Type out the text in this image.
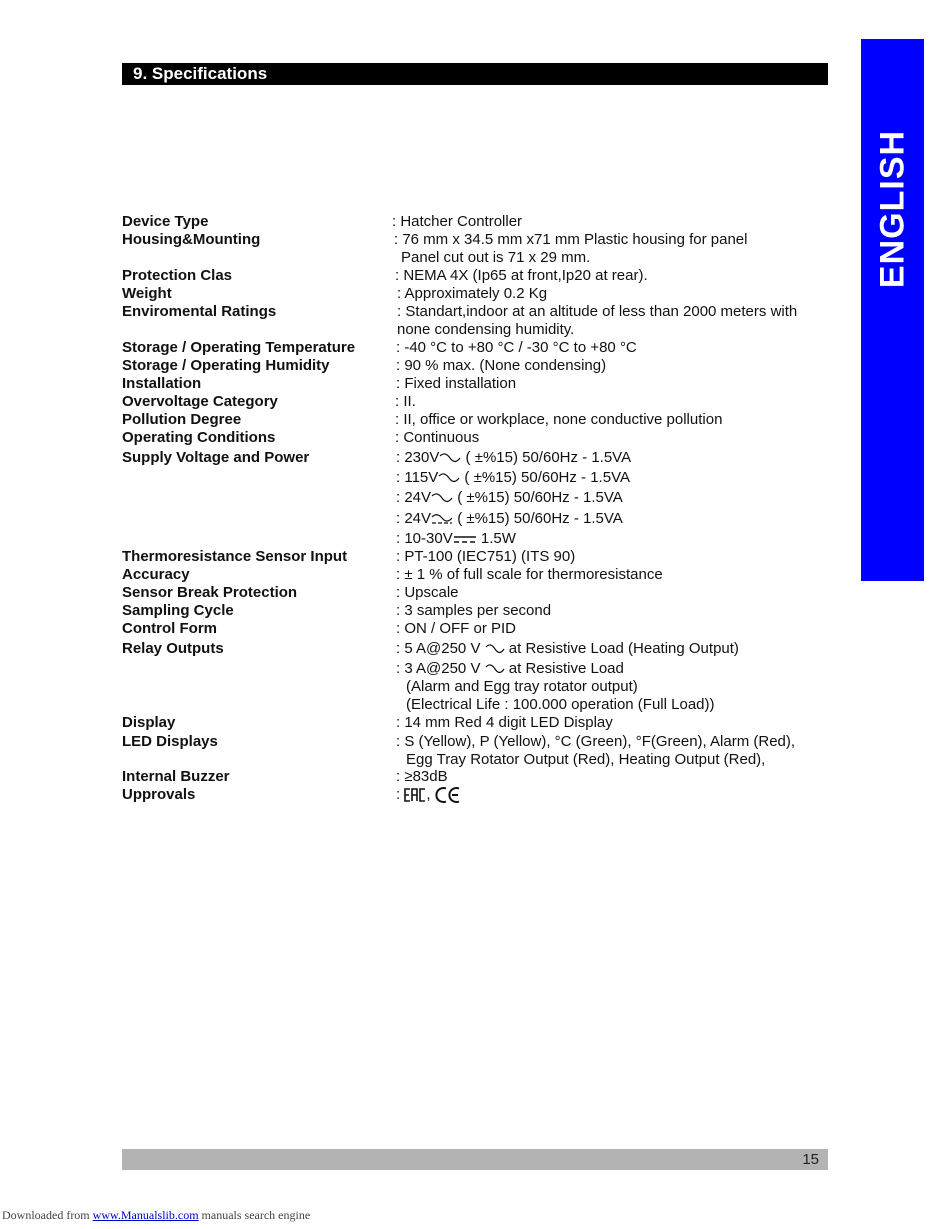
9. Specifications
ENGLISH
Device Type	: Hatcher Controller
Housing&Mounting	: 76 mm x 34.5 mm x71 mm Plastic housing for panel
Panel cut out is 71 x 29 mm.
Protection Clas	: NEMA 4X (Ip65 at front,Ip20 at rear).
Weight	: Approximately 0.2 Kg
Enviromental Ratings	: Standart,indoor at an altitude of less than 2000 meters with
none condensing humidity.
Storage / Operating Temperature	: -40 °C to +80 °C / -30 °C to +80 °C
Storage / Operating Humidity	: 90 % max. (None condensing)
Installation	: Fixed installation
Overvoltage Category	: II.
Pollution Degree	: II, office or workplace, none conductive pollution
Operating Conditions	: Continuous
Supply Voltage and Power	: 230V ( ±%15) 50/60Hz - 1.5VA
: 115V ( ±%15) 50/60Hz - 1.5VA
: 24V ( ±%15) 50/60Hz - 1.5VA
: 24V ( ±%15) 50/60Hz - 1.5VA
: 10-30V 1.5W
Thermoresistance Sensor Input	: PT-100 (IEC751) (ITS 90)
Accuracy	: ± 1 % of full scale for thermoresistance
Sensor Break Protection	: Upscale
Sampling Cycle	: 3 samples per second
Control Form	: ON / OFF or PID
Relay Outputs	: 5 A@250 V  at Resistive Load (Heating Output)
: 3 A@250 V  at Resistive Load
(Alarm and Egg tray rotator output)
(Electrical Life : 100.000 operation (Full Load))
Display	: 14 mm Red 4 digit LED Display
LED Displays	: S (Yellow), P (Yellow), °C (Green), °F(Green), Alarm (Red),
Egg Tray Rotator Output (Red), Heating Output (Red),
Internal Buzzer	: ≥83dB
Upprovals	: ,
15
Downloaded from www.Manualslib.com manuals search engine
